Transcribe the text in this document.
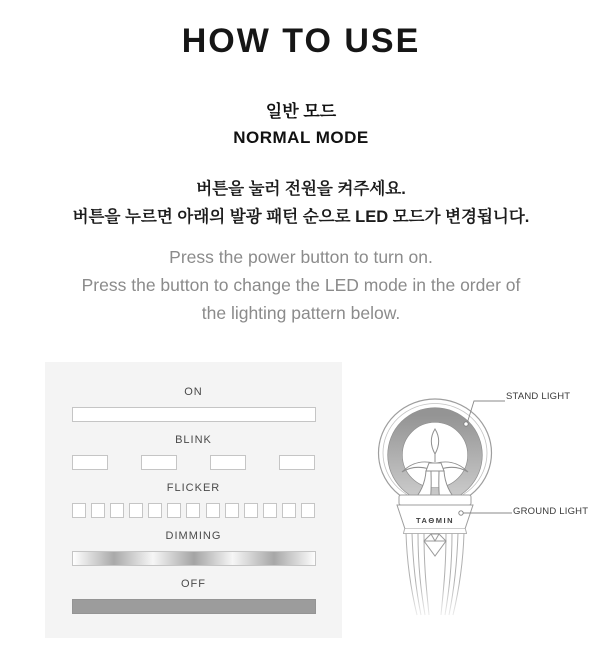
HOW TO USE
일반 모드
NORMAL MODE
버튼을 눌러 전원을 켜주세요.
버튼을 누르면 아래의 발광 패턴 순으로 LED 모드가 변경됩니다.
Press the power button to turn on.
Press the button to change the LED mode in the order of
the lighting pattern below.
ON
BLINK
FLICKER
DIMMING
OFF
TAΘMIN
STAND LIGHT
GROUND LIGHT
